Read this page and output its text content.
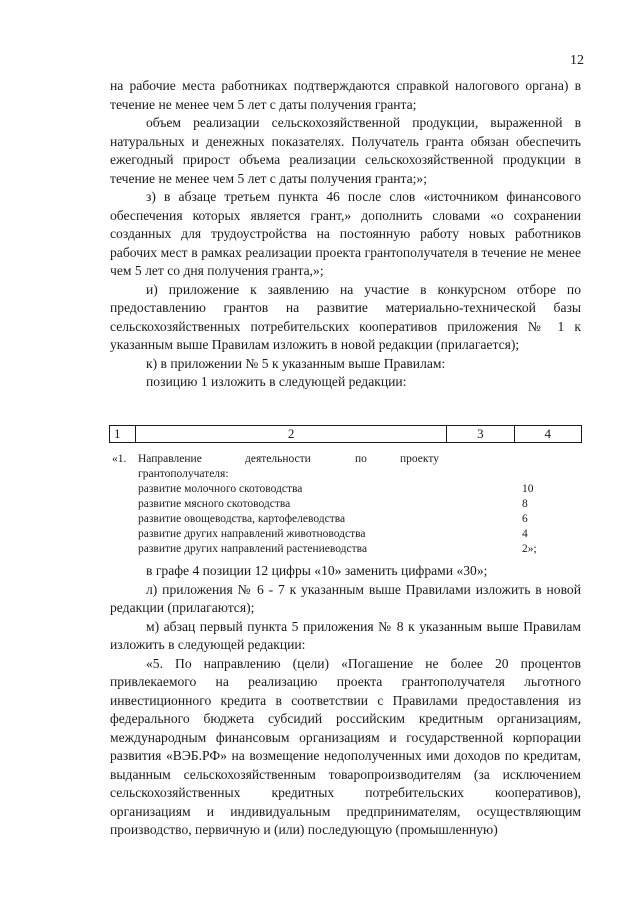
12

на рабочие места работниках подтверждаются справкой налогового органа) в течение не менее чем 5 лет с даты получения гранта;

объем реализации сельскохозяйственной продукции, выраженной в натуральных и денежных показателях. Получатель гранта обязан обеспечить ежегодный прирост объема реализации сельскохозяйственной продукции в течение не менее чем 5 лет с даты получения гранта;»;

з) в абзаце третьем пункта 46 после слов «источником финансового обеспечения которых является грант,» дополнить словами «о сохранении созданных для трудоустройства на постоянную работу новых работников рабочих мест в рамках реализации проекта грантополучателя в течение не менее чем 5 лет со дня получения гранта,»;

и) приложение к заявлению на участие в конкурсном отборе по предоставлению грантов на развитие материально-технической базы сельскохозяйственных потребительских кооперативов приложения № 1 к указанным выше Правилам изложить в новой редакции (прилагается);

к) в приложении № 5 к указанным выше Правилам:

позицию 1 изложить в следующей редакции:

1	2	3	4
«1. Направление	деятельности	по	проекту
грантополучателя:
развитие молочного скотоводства	10
развитие мясного скотоводства	8
развитие овощеводства, картофелеводства	6
развитие других направлений животноводства	4
развитие других направлений растениеводства	2»;

в графе 4 позиции 12 цифры «10» заменить цифрами «30»;

л) приложения № 6 - 7 к указанным выше Правилами изложить в новой редакции (прилагаются);

м) абзац первый пункта 5 приложения № 8 к указанным выше Правилам изложить в следующей редакции:

«5. По направлению (цели) «Погашение не более 20 процентов привлекаемого на реализацию проекта грантополучателя льготного инвестиционного кредита в соответствии с Правилами предоставления из федерального бюджета субсидий российским кредитным организациям, международным финансовым организациям и государственной корпорации развития «ВЭБ.РФ» на возмещение недополученных ими доходов по кредитам, выданным сельскохозяйственным товаропроизводителям (за исключением сельскохозяйственных кредитных потребительских кооперативов), организациям и индивидуальным предпринимателям, осуществляющим производство, первичную и (или) последующую (промышленную)
